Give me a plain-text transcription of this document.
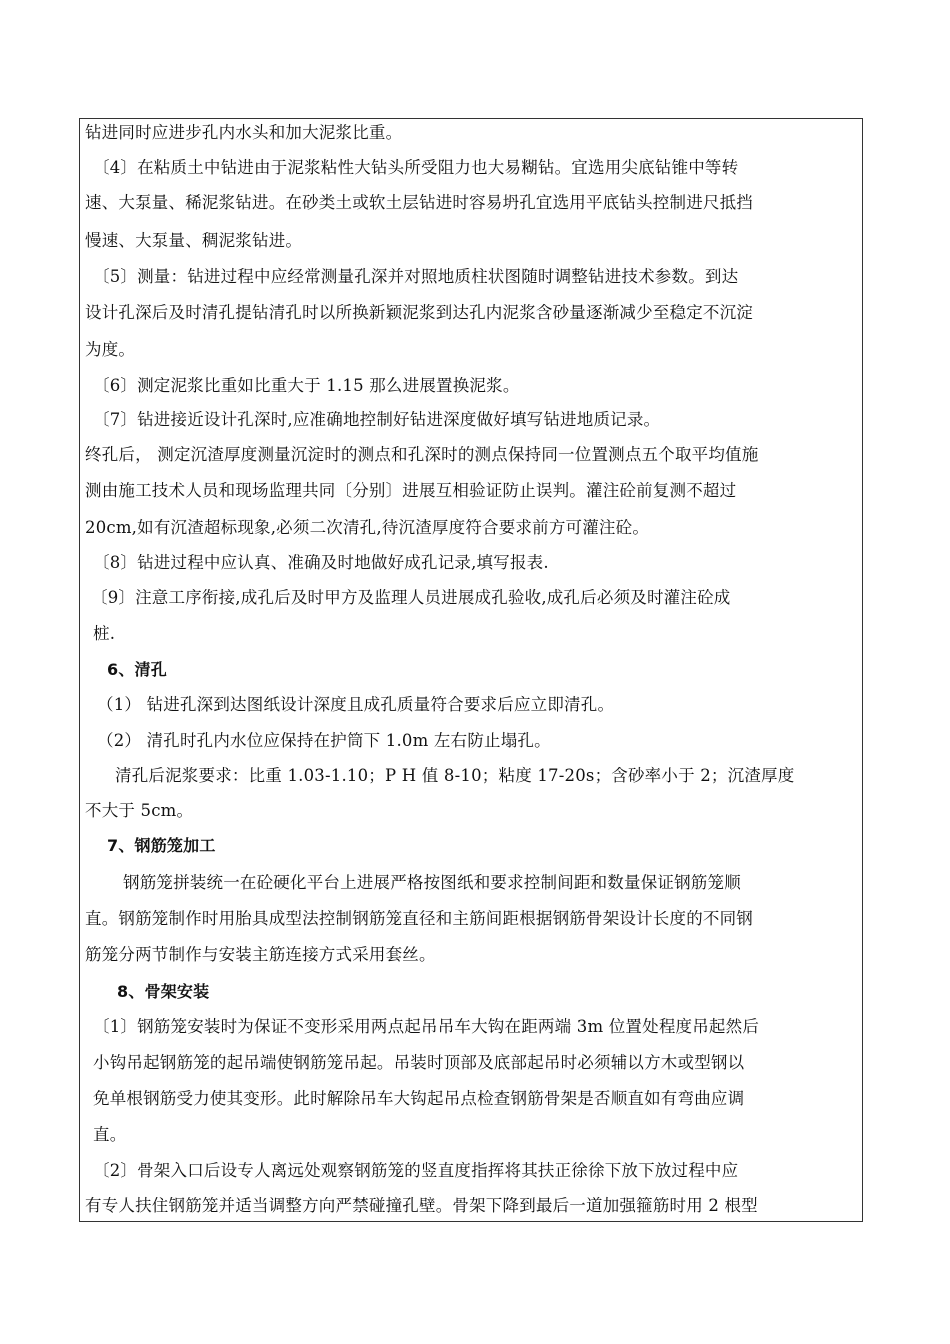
钻进同时应进步孔内水头和加大泥浆比重。
〔4〕在粘质土中钻进由于泥浆粘性大钻头所受阻力也大易糊钻。宜选用尖底钻锥中等转
速、大泵量、稀泥浆钻进。在砂类土或软土层钻进时容易坍孔宜选用平底钻头控制进尺抵挡
慢速、大泵量、稠泥浆钻进。
〔5〕测量：钻进过程中应经常测量孔深并对照地质柱状图随时调整钻进技术参数。到达
设计孔深后及时清孔提钻清孔时以所换新颖泥浆到达孔内泥浆含砂量逐渐减少至稳定不沉淀
为度。
〔6〕测定泥浆比重如比重大于 1.15 那么进展置换泥浆。
〔7〕钻进接近设计孔深时,应准确地控制好钻进深度做好填写钻进地质记录。
终孔后， 测定沉渣厚度测量沉淀时的测点和孔深时的测点保持同一位置测点五个取平均值施
测由施工技术人员和现场监理共同〔分别〕进展互相验证防止误判。灌注砼前复测不超过
20cm,如有沉渣超标现象,必须二次清孔,待沉渣厚度符合要求前方可灌注砼。
〔8〕钻进过程中应认真、准确及时地做好成孔记录,填写报表.
〔9〕注意工序衔接,成孔后及时甲方及监理人员进展成孔验收,成孔后必须及时灌注砼成
桩.
6、清孔
（1） 钻进孔深到达图纸设计深度且成孔质量符合要求后应立即清孔。
（2） 清孔时孔内水位应保持在护筒下 1.0m 左右防止塌孔。
清孔后泥浆要求：比重 1.03-1.10；P H 值 8-10；粘度 17-20s；含砂率小于 2；沉渣厚度
不大于 5cm。
7、钢筋笼加工
钢筋笼拼装统一在砼硬化平台上进展严格按图纸和要求控制间距和数量保证钢筋笼顺
直。钢筋笼制作时用胎具成型法控制钢筋笼直径和主筋间距根据钢筋骨架设计长度的不同钢
筋笼分两节制作与安装主筋连接方式采用套丝。
8、骨架安装
〔1〕钢筋笼安装时为保证不变形采用两点起吊吊车大钩在距两端 3m 位置处程度吊起然后
小钩吊起钢筋笼的起吊端使钢筋笼吊起。吊装时顶部及底部起吊时必须辅以方木或型钢以
免单根钢筋受力使其变形。此时解除吊车大钩起吊点检查钢筋骨架是否顺直如有弯曲应调
直。
〔2〕骨架入口后设专人离远处观察钢筋笼的竖直度指挥将其扶正徐徐下放下放过程中应
有专人扶住钢筋笼并适当调整方向严禁碰撞孔壁。骨架下降到最后一道加强箍筋时用 2 根型
